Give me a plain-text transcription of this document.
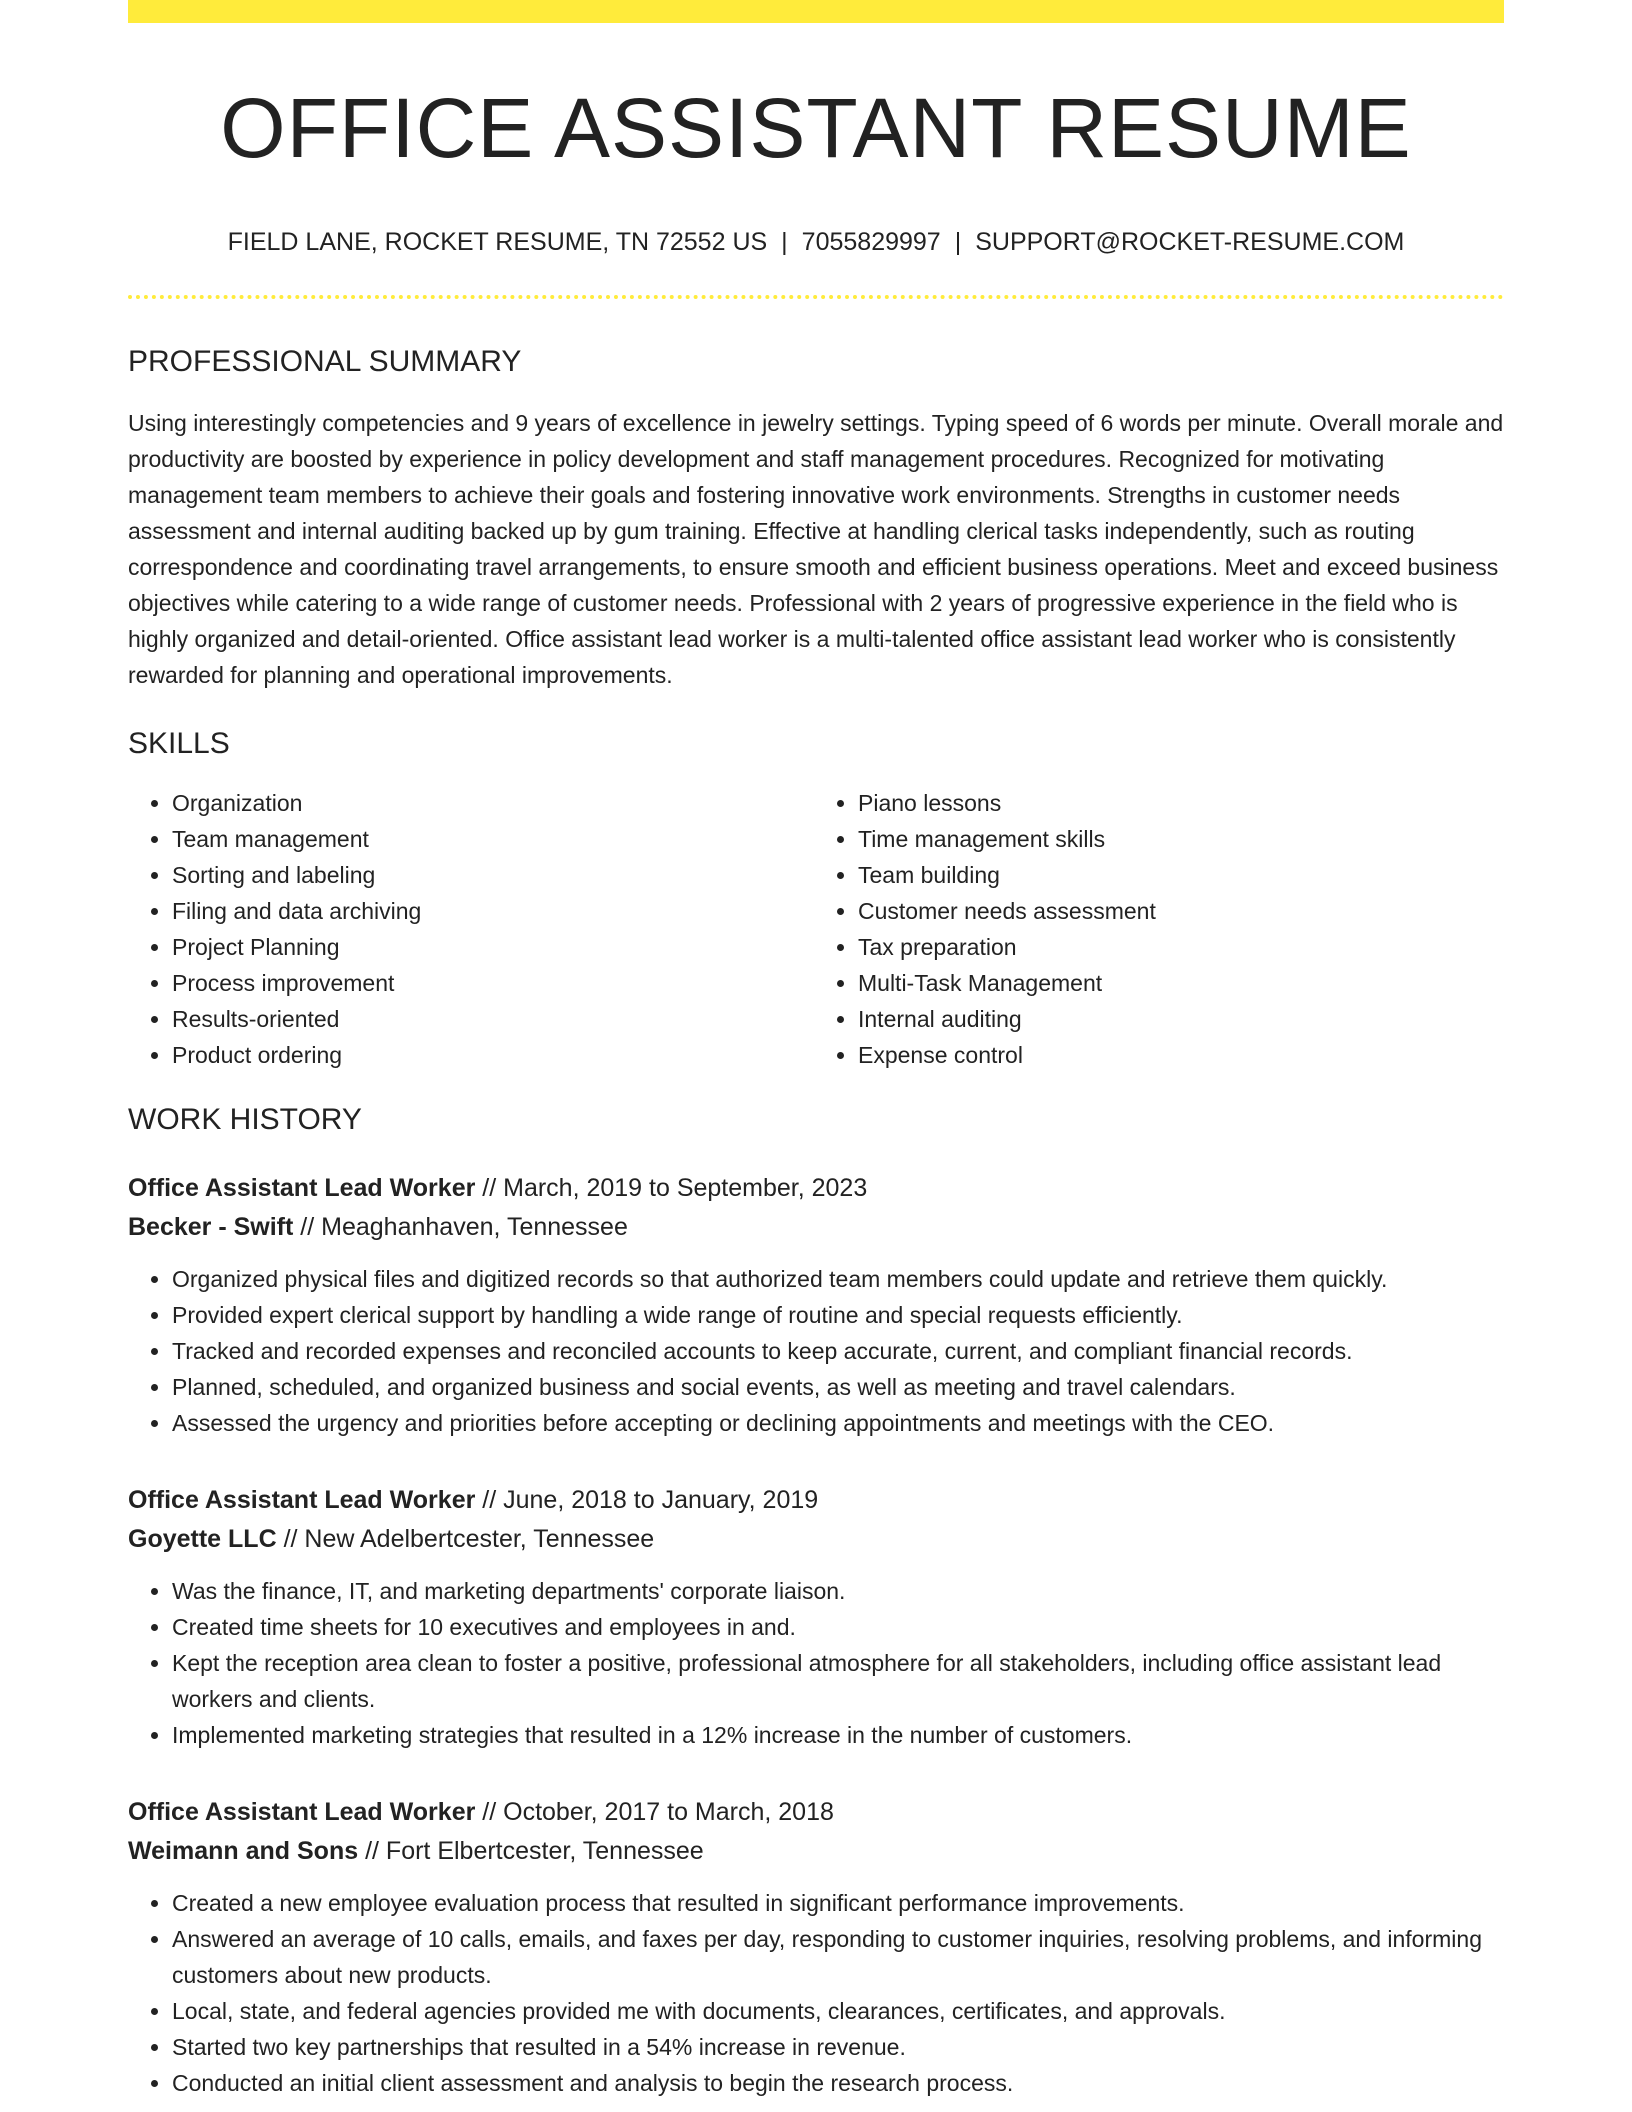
OFFICE ASSISTANT RESUME
FIELD LANE, ROCKET RESUME, TN 72552 US | 7055829997 | SUPPORT@ROCKET-RESUME.COM
PROFESSIONAL SUMMARY

Using interestingly competencies and 9 years of excellence in jewelry settings. Typing speed of 6 words per minute. Overall morale and productivity are boosted by experience in policy development and staff management procedures. Recognized for motivating management team members to achieve their goals and fostering innovative work environments. Strengths in customer needs assessment and internal auditing backed up by gum training. Effective at handling clerical tasks independently, such as routing correspondence and coordinating travel arrangements, to ensure smooth and efficient business operations. Meet and exceed business objectives while catering to a wide range of customer needs. Professional with 2 years of progressive experience in the field who is highly organized and detail-oriented. Office assistant lead worker is a multi-talented office assistant lead worker who is consistently rewarded for planning and operational improvements.

SKILLS
• Organization
• Team management
• Sorting and labeling
• Filing and data archiving
• Project Planning
• Process improvement
• Results-oriented
• Product ordering
• Piano lessons
• Time management skills
• Team building
• Customer needs assessment
• Tax preparation
• Multi-Task Management
• Internal auditing
• Expense control
WORK HISTORY
Office Assistant Lead Worker // March, 2019 to September, 2023
Becker - Swift // Meaghanhaven, Tennessee
• Organized physical files and digitized records so that authorized team members could update and retrieve them quickly.
• Provided expert clerical support by handling a wide range of routine and special requests efficiently.
• Tracked and recorded expenses and reconciled accounts to keep accurate, current, and compliant financial records.
• Planned, scheduled, and organized business and social events, as well as meeting and travel calendars.
• Assessed the urgency and priorities before accepting or declining appointments and meetings with the CEO.
Office Assistant Lead Worker // June, 2018 to January, 2019
Goyette LLC // New Adelbertcester, Tennessee
• Was the finance, IT, and marketing departments' corporate liaison.
• Created time sheets for 10 executives and employees in and.
• Kept the reception area clean to foster a positive, professional atmosphere for all stakeholders, including office assistant lead workers and clients.
• Implemented marketing strategies that resulted in a 12% increase in the number of customers.
Office Assistant Lead Worker // October, 2017 to March, 2018
Weimann and Sons // Fort Elbertcester, Tennessee
• Created a new employee evaluation process that resulted in significant performance improvements.
• Answered an average of 10 calls, emails, and faxes per day, responding to customer inquiries, resolving problems, and informing customers about new products.
• Local, state, and federal agencies provided me with documents, clearances, certificates, and approvals.
• Started two key partnerships that resulted in a 54% increase in revenue.
• Conducted an initial client assessment and analysis to begin the research process.
